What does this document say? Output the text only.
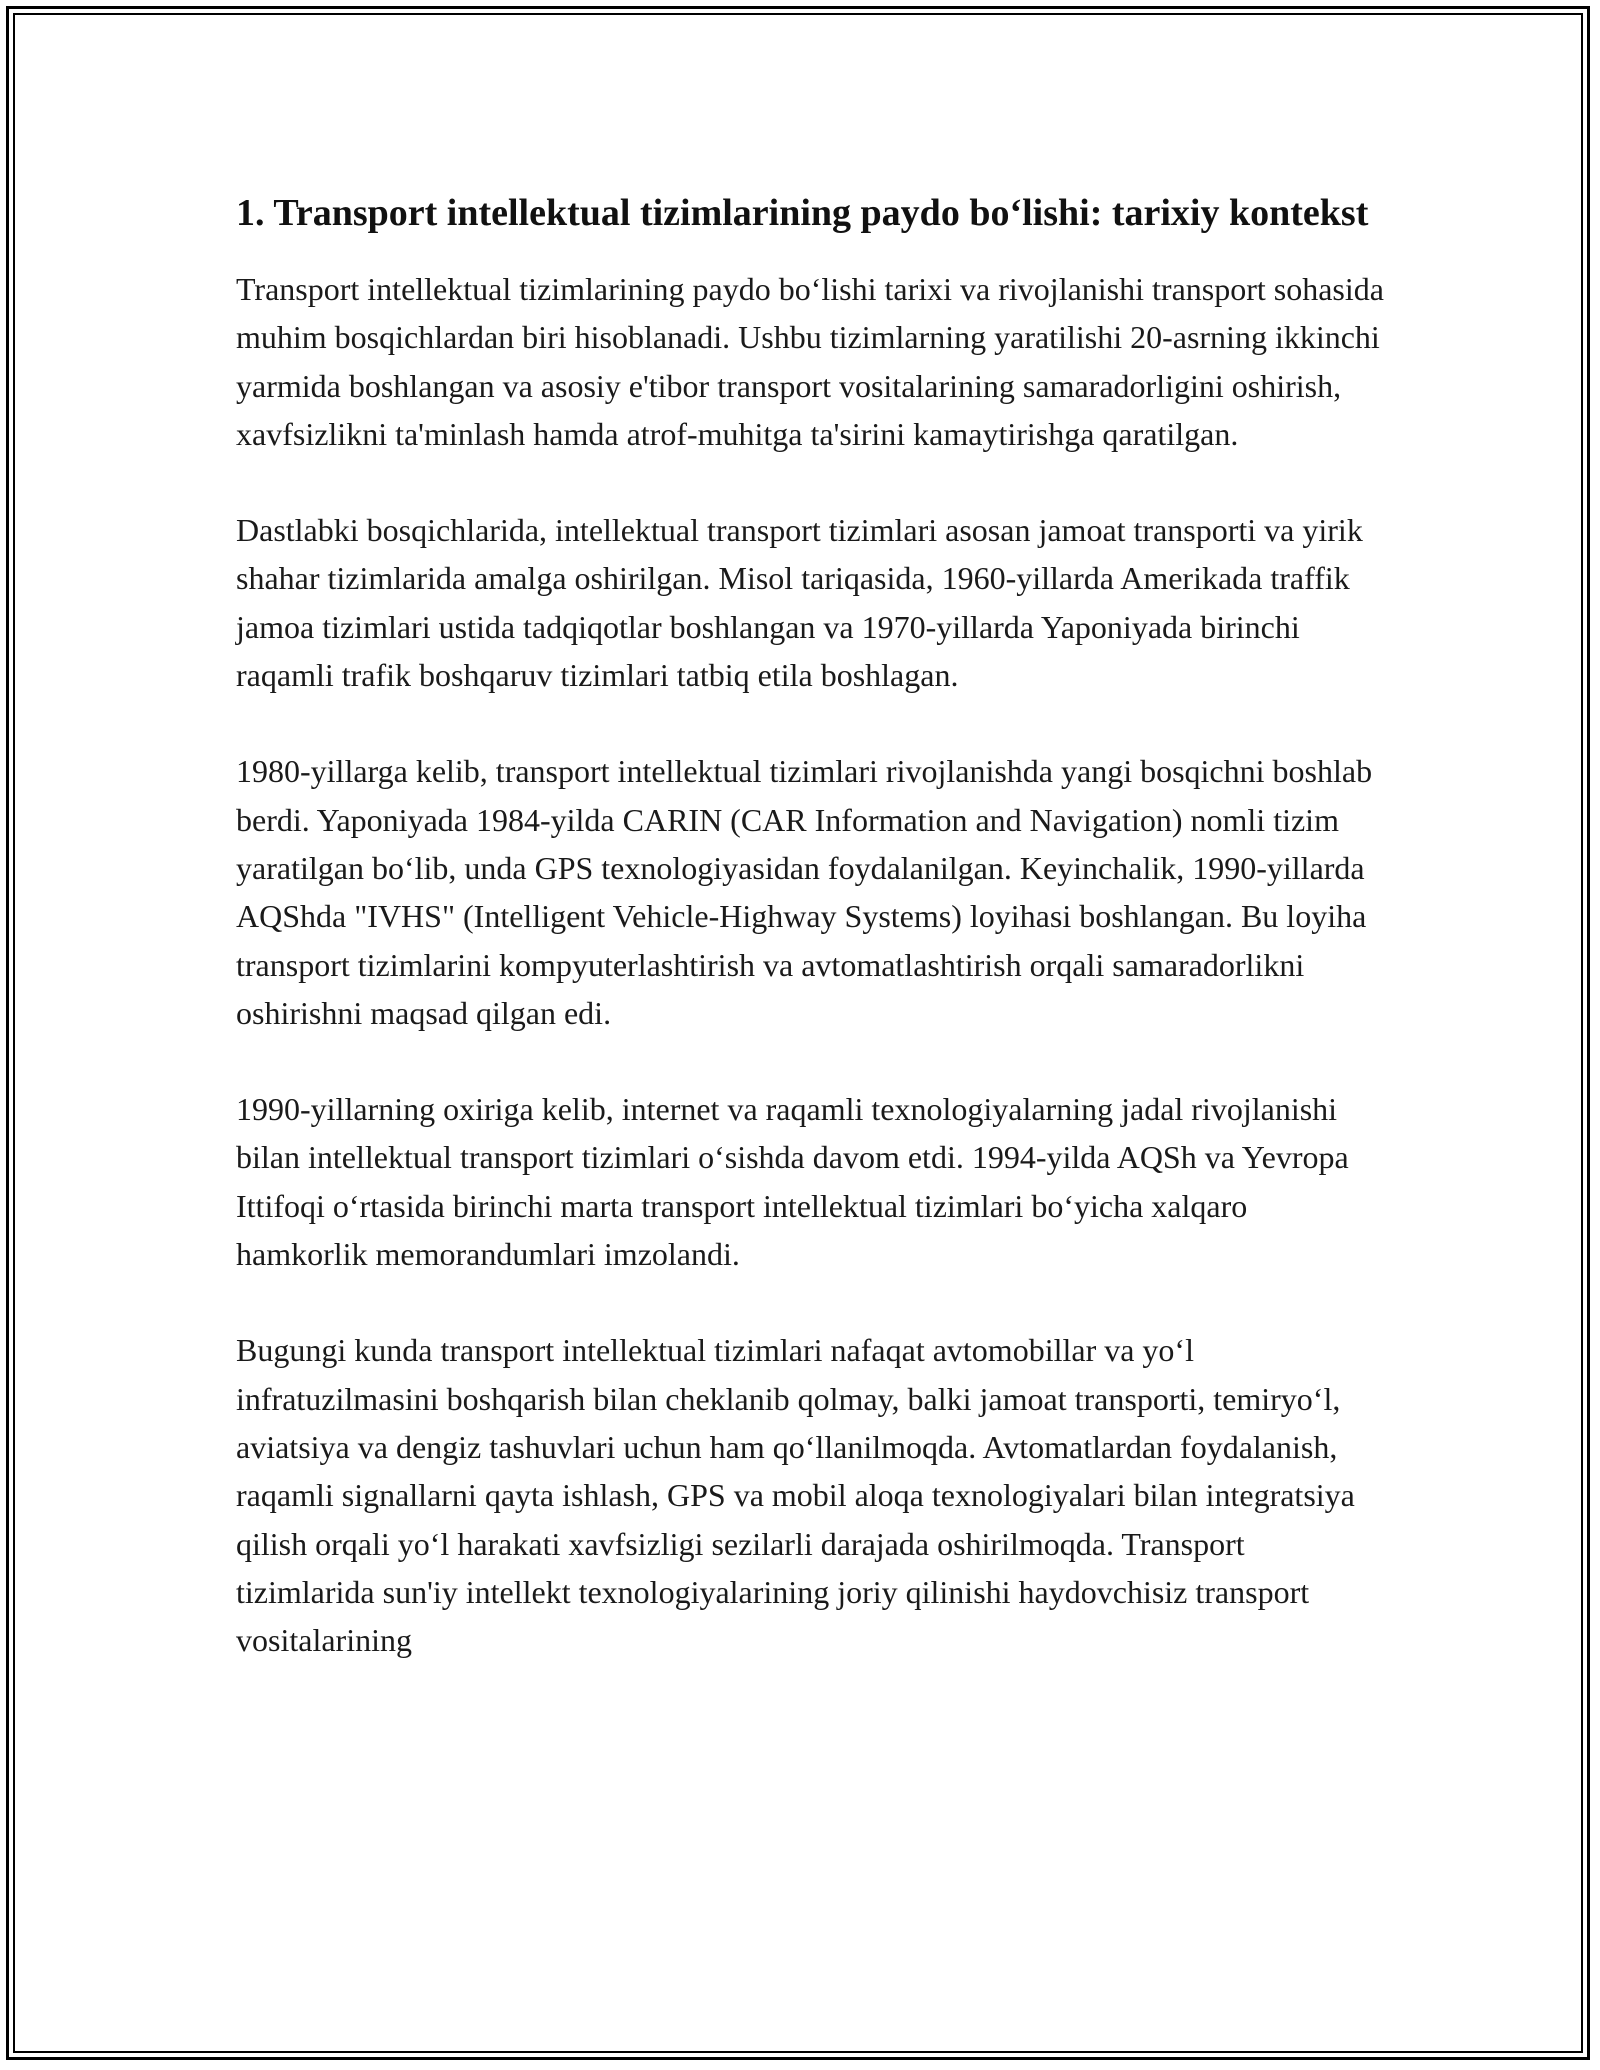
1. Transport intellektual tizimlarining paydo bo‘lishi: tarixiy kontekst

Transport intellektual tizimlarining paydo bo‘lishi tarixi va rivojlanishi transport sohasida muhim bosqichlardan biri hisoblanadi. Ushbu tizimlarning yaratilishi 20-asrning ikkinchi yarmida boshlangan va asosiy e'tibor transport vositalarining samaradorligini oshirish, xavfsizlikni ta'minlash hamda atrof-muhitga ta'sirini kamaytirishga qaratilgan.

Dastlabki bosqichlarida, intellektual transport tizimlari asosan jamoat transporti va yirik shahar tizimlarida amalga oshirilgan. Misol tariqasida, 1960-yillarda Amerikada traffik jamoa tizimlari ustida tadqiqotlar boshlangan va 1970-yillarda Yaponiyada birinchi raqamli trafik boshqaruv tizimlari tatbiq etila boshlagan.

1980-yillarga kelib, transport intellektual tizimlari rivojlanishda yangi bosqichni boshlab berdi. Yaponiyada 1984-yilda CARIN (CAR Information and Navigation) nomli tizim yaratilgan bo‘lib, unda GPS texnologiyasidan foydalanilgan. Keyinchalik, 1990-yillarda AQShda "IVHS" (Intelligent Vehicle-Highway Systems) loyihasi boshlangan. Bu loyiha transport tizimlarini kompyuterlashtirish va avtomatlashtirish orqali samaradorlikni oshirishni maqsad qilgan edi.

1990-yillarning oxiriga kelib, internet va raqamli texnologiyalarning jadal rivojlanishi bilan intellektual transport tizimlari o‘sishda davom etdi. 1994-yilda AQSh va Yevropa Ittifoqi o‘rtasida birinchi marta transport intellektual tizimlari bo‘yicha xalqaro hamkorlik memorandumlari imzolandi.

Bugungi kunda transport intellektual tizimlari nafaqat avtomobillar va yo‘l infratuzilmasini boshqarish bilan cheklanib qolmay, balki jamoat transporti, temiryo‘l, aviatsiya va dengiz tashuvlari uchun ham qo‘llanilmoqda. Avtomatlardan foydalanish, raqamli signallarni qayta ishlash, GPS va mobil aloqa texnologiyalari bilan integratsiya qilish orqali yo‘l harakati xavfsizligi sezilarli darajada oshirilmoqda. Transport tizimlarida sun'iy intellekt texnologiyalarining joriy qilinishi haydovchisiz transport vositalarining
